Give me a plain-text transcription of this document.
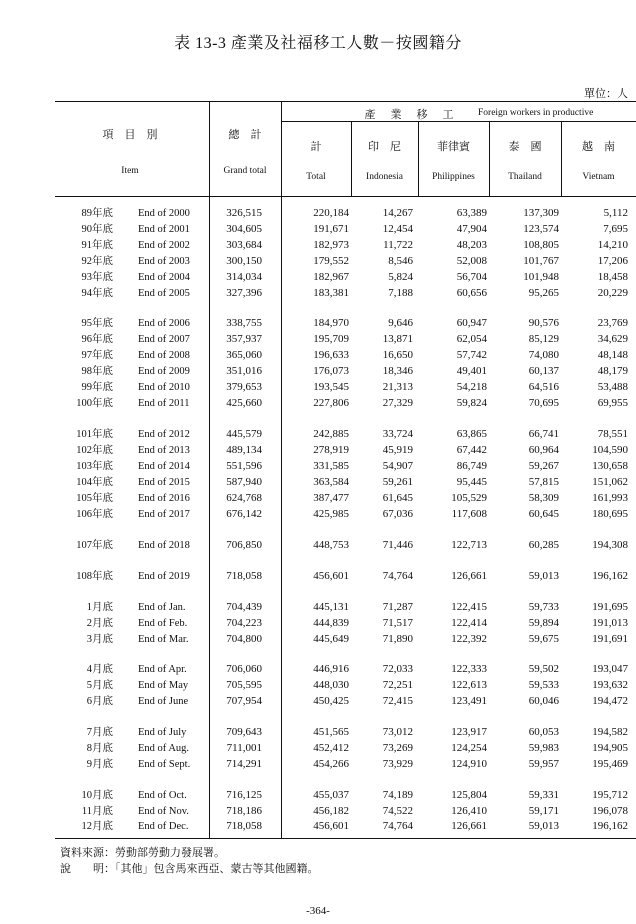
表 13-3 產業及社福移工人數－按國籍分
單位：人
項　目　別
Item
總　計
Grand total
產　業　移　工	Foreign workers in productive
計
Total
印　尼
Indonesia
菲律賓
Philippines
泰　國
Thailand
越　南
Vietnam
89年底 End of 2000	326,515	220,184	14,267	63,389	137,309	5,112
90年底 End of 2001	304,605	191,671	12,454	47,904	123,574	7,695
91年底 End of 2002	303,684	182,973	11,722	48,203	108,805	14,210
92年底 End of 2003	300,150	179,552	8,546	52,008	101,767	17,206
93年底 End of 2004	314,034	182,967	5,824	56,704	101,948	18,458
94年底 End of 2005	327,396	183,381	7,188	60,656	95,265	20,229
95年底 End of 2006	338,755	184,970	9,646	60,947	90,576	23,769
96年底 End of 2007	357,937	195,709	13,871	62,054	85,129	34,629
97年底 End of 2008	365,060	196,633	16,650	57,742	74,080	48,148
98年底 End of 2009	351,016	176,073	18,346	49,401	60,137	48,179
99年底 End of 2010	379,653	193,545	21,313	54,218	64,516	53,488
100年底 End of 2011	425,660	227,806	27,329	59,824	70,695	69,955
101年底 End of 2012	445,579	242,885	33,724	63,865	66,741	78,551
102年底 End of 2013	489,134	278,919	45,919	67,442	60,964	104,590
103年底 End of 2014	551,596	331,585	54,907	86,749	59,267	130,658
104年底 End of 2015	587,940	363,584	59,261	95,445	57,815	151,062
105年底 End of 2016	624,768	387,477	61,645	105,529	58,309	161,993
106年底 End of 2017	676,142	425,985	67,036	117,608	60,645	180,695
107年底 End of 2018	706,850	448,753	71,446	122,713	60,285	194,308
108年底 End of 2019	718,058	456,601	74,764	126,661	59,013	196,162
1月底 End of Jan.	704,439	445,131	71,287	122,415	59,733	191,695
2月底 End of Feb.	704,223	444,839	71,517	122,414	59,894	191,013
3月底 End of Mar.	704,800	445,649	71,890	122,392	59,675	191,691
4月底 End of Apr.	706,060	446,916	72,033	122,333	59,502	193,047
5月底 End of May	705,595	448,030	72,251	122,613	59,533	193,632
6月底 End of June	707,954	450,425	72,415	123,491	60,046	194,472
7月底 End of July	709,643	451,565	73,012	123,917	60,053	194,582
8月底 End of Aug.	711,001	452,412	73,269	124,254	59,983	194,905
9月底 End of Sept.	714,291	454,266	73,929	124,910	59,957	195,469
10月底 End of Oct.	716,125	455,037	74,189	125,804	59,331	195,712
11月底 End of Nov.	718,186	456,182	74,522	126,410	59,171	196,078
12月底 End of Dec.	718,058	456,601	74,764	126,661	59,013	196,162
資料來源：勞動部勞動力發展署。
說　　明：「其他」包含馬來西亞、蒙古等其他國籍。
-364-
